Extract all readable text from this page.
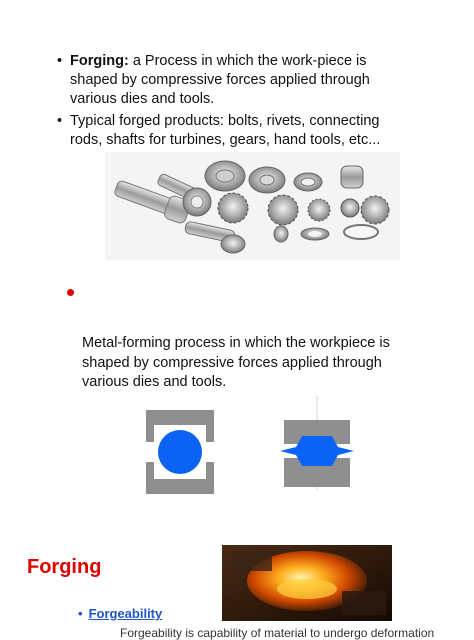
• Forging: a Process in which the work-piece is
shaped by compressive forces applied through
various dies and tools.
• Typical forged products: bolts, rivets, connecting
rods, shafts for turbines, gears, hand tools, etc...
Metal-forming process in which the workpiece is
shaped by compressive forces applied through
various dies and tools.
Forging
• Forgeability
Forgeability is capability of material to undergo deformation
